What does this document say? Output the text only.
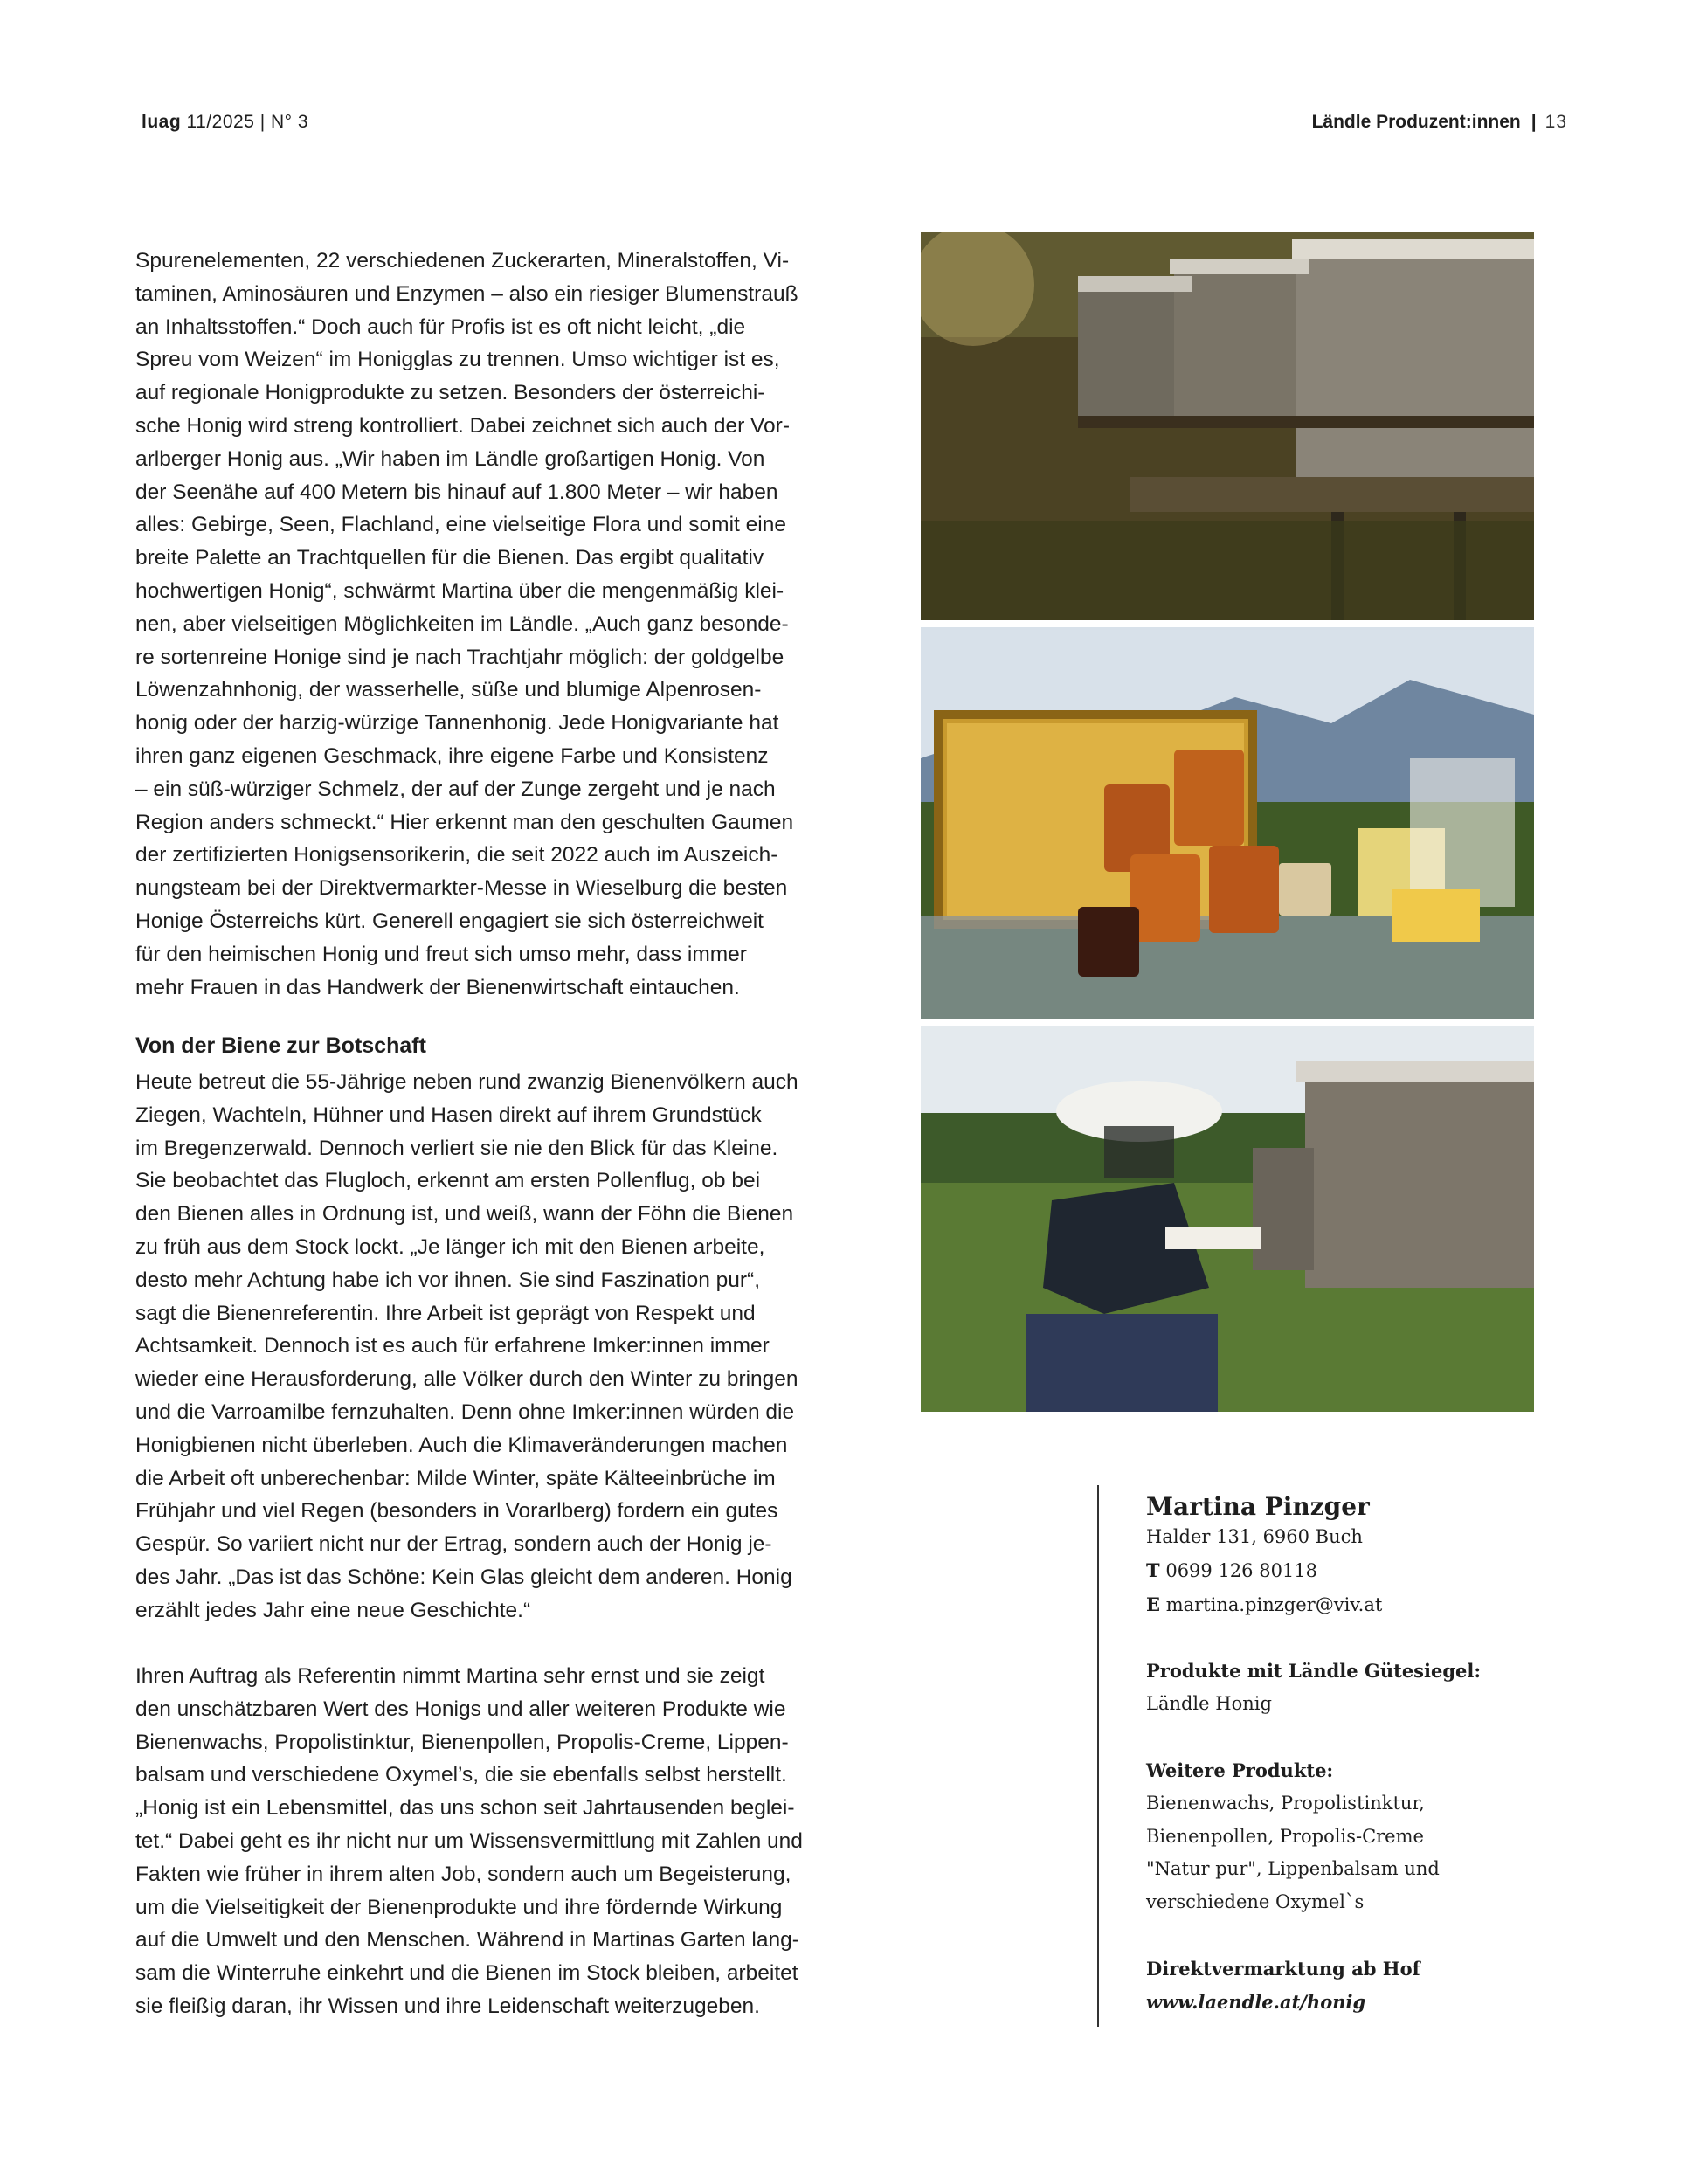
luag 11/2025 | N° 3	Ländle Produzent:innen | 13
Spurenelementen, 22 verschiedenen Zuckerarten, Mineralstoffen, Vi-
taminen, Aminosäuren und Enzymen – also ein riesiger Blumenstrauß
an Inhaltsstoffen.“ Doch auch für Profis ist es oft nicht leicht, „die
Spreu vom Weizen“ im Honigglas zu trennen. Umso wichtiger ist es,
auf regionale Honigprodukte zu setzen. Besonders der österreichi-
sche Honig wird streng kontrolliert. Dabei zeichnet sich auch der Vor-
arlberger Honig aus. „Wir haben im Ländle großartigen Honig. Von
der Seenähe auf 400 Metern bis hinauf auf 1.800 Meter – wir haben
alles: Gebirge, Seen, Flachland, eine vielseitige Flora und somit eine
breite Palette an Trachtquellen für die Bienen. Das ergibt qualitativ
hochwertigen Honig“, schwärmt Martina über die mengenmäßig klei-
nen, aber vielseitigen Möglichkeiten im Ländle. „Auch ganz besonde-
re sortenreine Honige sind je nach Trachtjahr möglich: der goldgelbe
Löwenzahnhonig, der wasserhelle, süße und blumige Alpenrosen-
honig oder der harzig-würzige Tannenhonig. Jede Honigvariante hat
ihren ganz eigenen Geschmack, ihre eigene Farbe und Konsistenz
– ein süß-würziger Schmelz, der auf der Zunge zergeht und je nach
Region anders schmeckt.“ Hier erkennt man den geschulten Gaumen
der zertifizierten Honigsensorikerin, die seit 2022 auch im Auszeich-
nungsteam bei der Direktvermarkter-Messe in Wieselburg die besten
Honige Österreichs kürt. Generell engagiert sie sich österreichweit
für den heimischen Honig und freut sich umso mehr, dass immer
mehr Frauen in das Handwerk der Bienenwirtschaft eintauchen.
Von der Biene zur Botschaft
Heute betreut die 55-Jährige neben rund zwanzig Bienenvölkern auch
Ziegen, Wachteln, Hühner und Hasen direkt auf ihrem Grundstück
im Bregenzerwald. Dennoch verliert sie nie den Blick für das Kleine.
Sie beobachtet das Flugloch, erkennt am ersten Pollenflug, ob bei
den Bienen alles in Ordnung ist, und weiß, wann der Föhn die Bienen
zu früh aus dem Stock lockt. „Je länger ich mit den Bienen arbeite,
desto mehr Achtung habe ich vor ihnen. Sie sind Faszination pur“,
sagt die Bienenreferentin. Ihre Arbeit ist geprägt von Respekt und
Achtsamkeit. Dennoch ist es auch für erfahrene Imker:innen immer
wieder eine Herausforderung, alle Völker durch den Winter zu bringen
und die Varroamilbe fernzuhalten. Denn ohne Imker:innen würden die
Honigbienen nicht überleben. Auch die Klimaveränderungen machen
die Arbeit oft unberechenbar: Milde Winter, späte Kälteeinbrüche im
Frühjahr und viel Regen (besonders in Vorarlberg) fordern ein gutes
Gespür. So variiert nicht nur der Ertrag, sondern auch der Honig je-
des Jahr. „Das ist das Schöne: Kein Glas gleicht dem anderen. Honig
erzählt jedes Jahr eine neue Geschichte.“
Ihren Auftrag als Referentin nimmt Martina sehr ernst und sie zeigt
den unschätzbaren Wert des Honigs und aller weiteren Produkte wie
Bienenwachs, Propolistinktur, Bienenpollen, Propolis-Creme, Lippen-
balsam und verschiedene Oxymel’s, die sie ebenfalls selbst herstellt.
„Honig ist ein Lebensmittel, das uns schon seit Jahrtausenden beglei-
tet.“ Dabei geht es ihr nicht nur um Wissensvermittlung mit Zahlen und
Fakten wie früher in ihrem alten Job, sondern auch um Begeisterung,
um die Vielseitigkeit der Bienenprodukte und ihre fördernde Wirkung
auf die Umwelt und den Menschen. Während in Martinas Garten lang-
sam die Winterruhe einkehrt und die Bienen im Stock bleiben, arbeitet
sie fleißig daran, ihr Wissen und ihre Leidenschaft weiterzugeben.
Martina Pinzger
Halder 131, 6960 Buch
T 0699 126 80118
E martina.pinzger@viv.at
Produkte mit Ländle Gütesiegel:
Ländle Honig
Weitere Produkte:
Bienenwachs, Propolistinktur,
Bienenpollen, Propolis-Creme
"Natur pur", Lippenbalsam und
verschiedene Oxymel`s
Direktvermarktung ab Hof
www.laendle.at/honig
